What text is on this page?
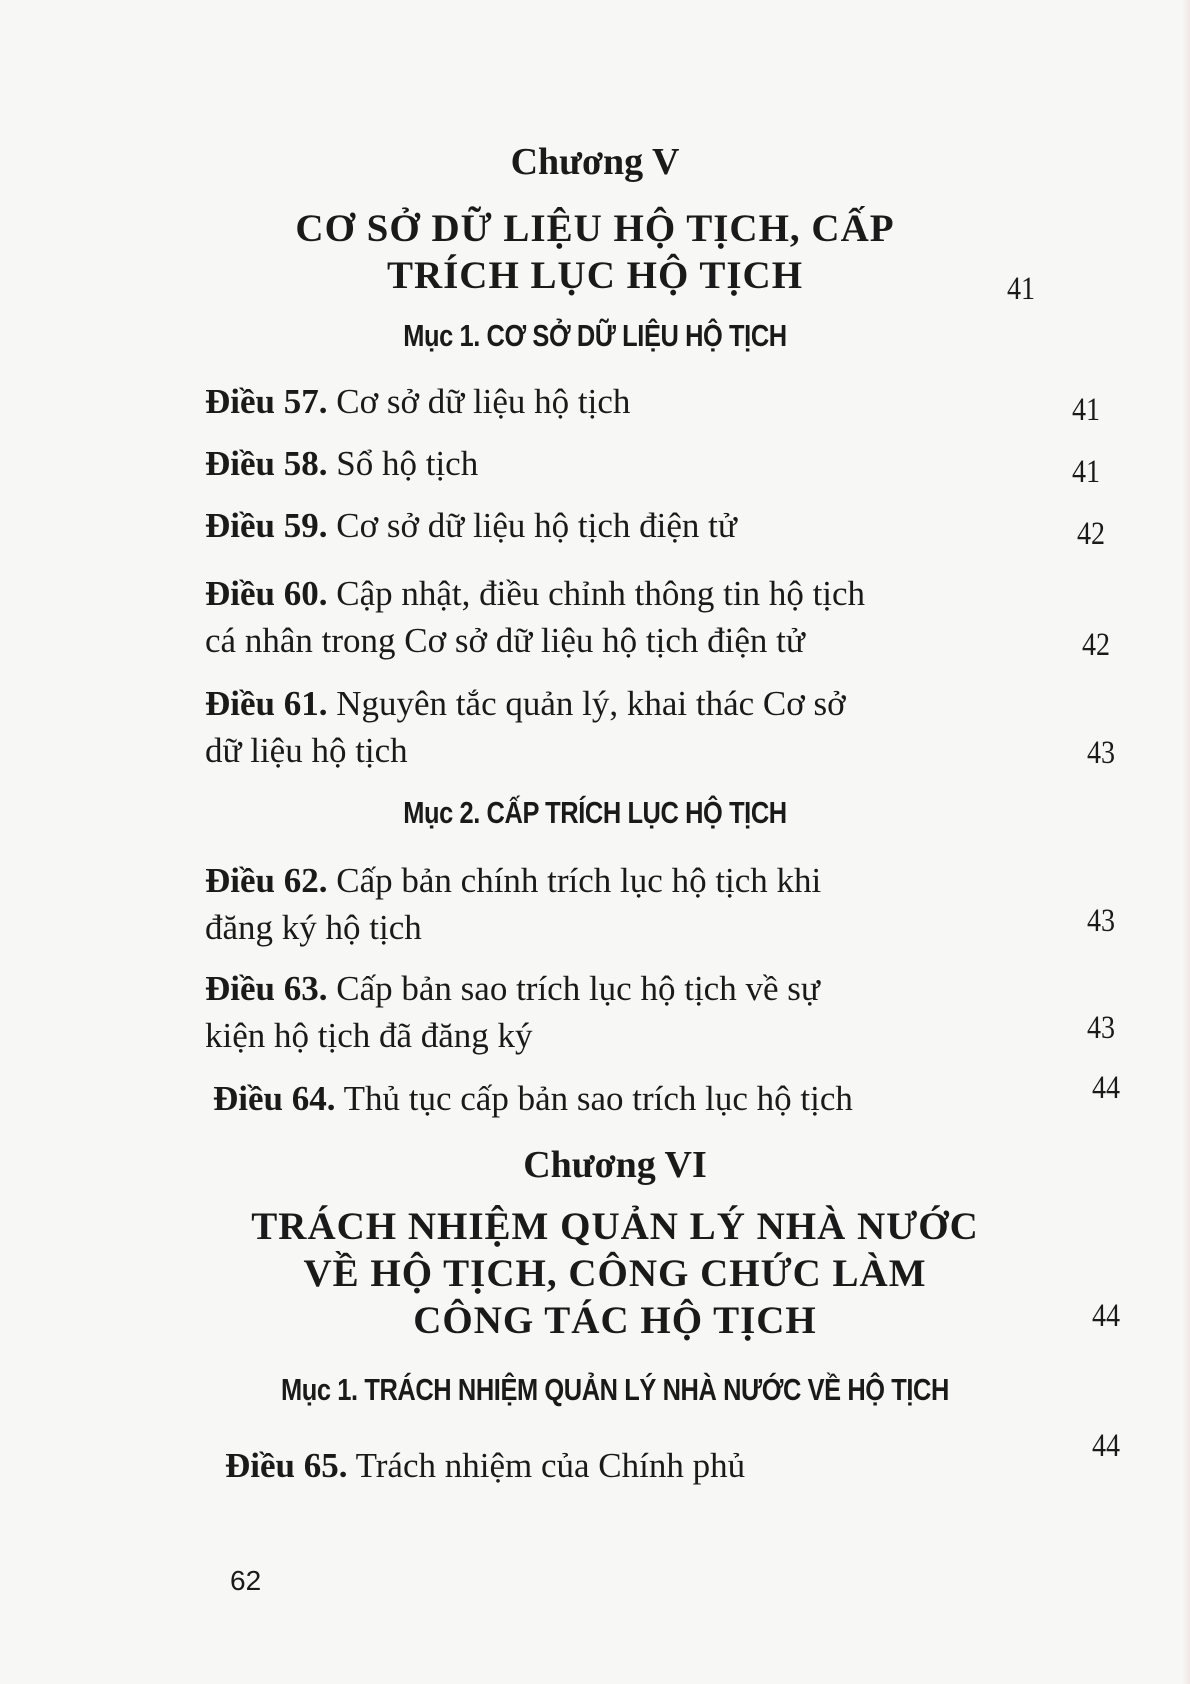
Chương V

CƠ SỞ DỮ LIỆU HỘ TỊCH, CẤP

TRÍCH LỤC HỘ TỊCH	41

Mục 1. CƠ SỞ DỮ LIỆU HỘ TỊCH

Điều 57. Cơ sở dữ liệu hộ tịch	41

Điều 58. Sổ hộ tịch	41

Điều 59. Cơ sở dữ liệu hộ tịch điện tử	42

Điều 60. Cập nhật, điều chỉnh thông tin hộ tịch

cá nhân trong Cơ sở dữ liệu hộ tịch điện tử	42

Điều 61. Nguyên tắc quản lý, khai thác Cơ sở

dữ liệu hộ tịch	43

Mục 2. CẤP TRÍCH LỤC HỘ TỊCH

Điều 62. Cấp bản chính trích lục hộ tịch khi

đăng ký hộ tịch	43

Điều 63. Cấp bản sao trích lục hộ tịch về sự

kiện hộ tịch đã đăng ký	43

Điều 64. Thủ tục cấp bản sao trích lục hộ tịch	44

Chương VI

TRÁCH NHIỆM QUẢN LÝ NHÀ NƯỚC

VỀ HỘ TỊCH, CÔNG CHỨC LÀM

CÔNG TÁC HỘ TỊCH	44

Mục 1. TRÁCH NHIỆM QUẢN LÝ NHÀ NƯỚC VỀ HỘ TỊCH

Điều 65. Trách nhiệm của Chính phủ	44
62
